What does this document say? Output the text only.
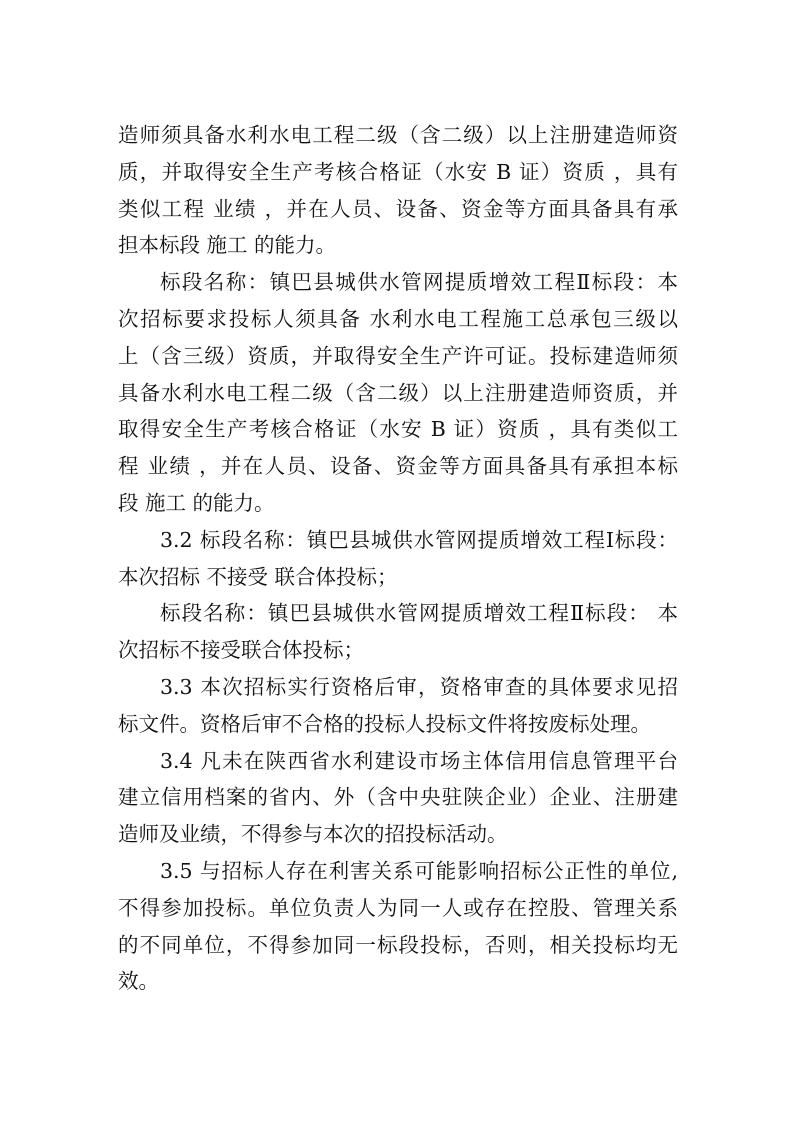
造师须具备水利水电工程二级（含二级）以上注册建造师资
质，并取得安全生产考核合格证（水安 B 证）资质 ，具有
类似工程 业绩 ，并在人员、设备、资金等方面具备具有承
担本标段 施工 的能力。
标段名称：镇巴县城供水管网提质增效工程Ⅱ标段：本
次招标要求投标人须具备 水利水电工程施工总承包三级以
上（含三级）资质，并取得安全生产许可证。投标建造师须
具备水利水电工程二级（含二级）以上注册建造师资质，并
取得安全生产考核合格证（水安 B 证）资质 ，具有类似工
程 业绩 ，并在人员、设备、资金等方面具备具有承担本标
段 施工 的能力。
3.2 标段名称：镇巴县城供水管网提质增效工程Ⅰ标段：
本次招标 不接受 联合体投标；
标段名称：镇巴县城供水管网提质增效工程Ⅱ标段： 本
次招标不接受联合体投标；
3.3 本次招标实行资格后审，资格审查的具体要求见招
标文件。资格后审不合格的投标人投标文件将按废标处理。
3.4 凡未在陕西省水利建设市场主体信用信息管理平台
建立信用档案的省内、外（含中央驻陕企业）企业、注册建
造师及业绩，不得参与本次的招投标活动。
3.5 与招标人存在利害关系可能影响招标公正性的单位,
不得参加投标。单位负责人为同一人或存在控股、管理关系
的不同单位，不得参加同一标段投标，否则，相关投标均无
效。
